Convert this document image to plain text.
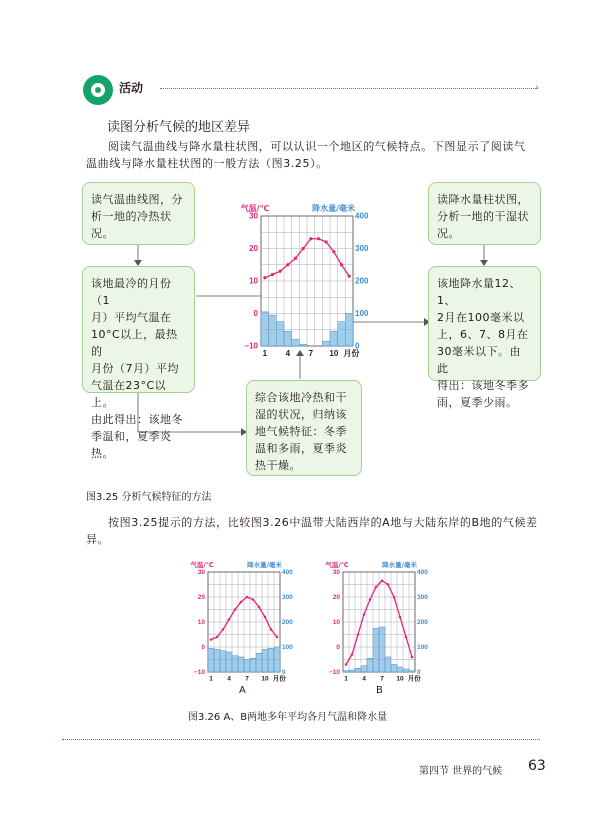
活动	›
读图分析气候的地区差异
阅读气温曲线与降水量柱状图，可以认识一个地区的气候特点。下图显示了阅读气
温曲线与降水量柱状图的一般方法（图3.25）。
读气温曲线图，分
析一地的冷热状
况。
该地最冷的月份（1
月）平均气温在
10°C以上，最热的
月份（7月）平均
气温在23°C以上。
由此得出：该地冬
季温和，夏季炎热。
读降水量柱状图，
分析一地的干湿状
况。
该地降水量12、1、
2月在100毫米以
上，6、7、8月在
30毫米以下。由此
得出：该地冬季多
雨，夏季少雨。
综合该地冷热和干
湿的状况，归纳该
地气候特征：冬季
温和多雨，夏季炎
热干燥。
30
20
10
0
−10
400
300
200
100
0
气温/℃	降水量/毫米
1 4 7 10 月份
图3.25 分析气候特征的方法
按图3.25提示的方法，比较图3.26中温带大陆西岸的A地与大陆东岸的B地的气候差
异。
30
20
10
0
−10
400
300
200
100
0
气温/℃	降水量/毫米
1 4 7 10 月份
30
20
10
0
−10
400
300
200
100
0
气温/℃	降水量/毫米
1 4 7 10 月份
A	B
图3.26 A、B两地多年平均各月气温和降水量
第四节 世界的气候 63
